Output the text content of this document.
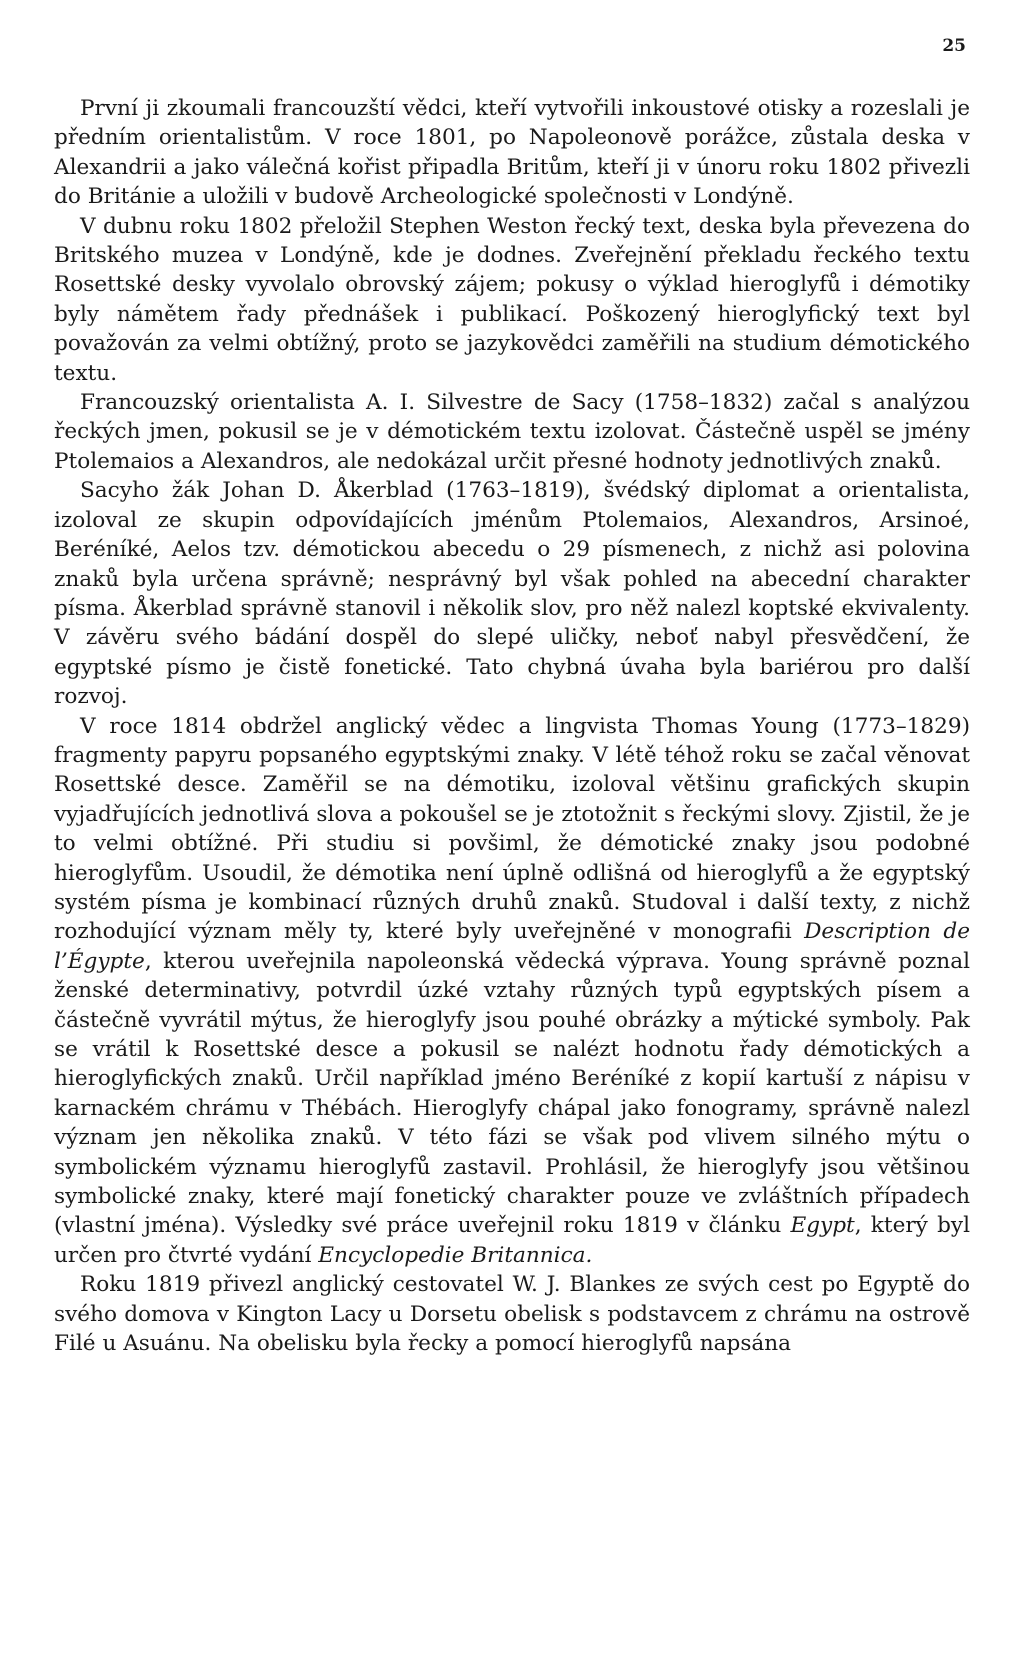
25

První ji zkoumali francouzští vědci, kteří vytvořili inkoustové otisky a rozeslali je předním orientalistům. V roce 1801, po Napoleonově porážce, zůstala deska v Alexandrii a jako válečná kořist připadla Britům, kteří ji v únoru roku 1802 přivezli do Británie a uložili v budově Archeologické společnosti v Londýně.

V dubnu roku 1802 přeložil Stephen Weston řecký text, deska byla převezena do Britského muzea v Londýně, kde je dodnes. Zveřejnění překladu řeckého textu Rosettské desky vyvolalo obrovský zájem; pokusy o výklad hieroglyfů i démotiky byly námětem řady přednášek i publikací. Poškozený hieroglyfický text byl považován za velmi obtížný, proto se jazykovědci zaměřili na studium démotického textu.

Francouzský orientalista A. I. Silvestre de Sacy (1758–1832) začal s analýzou řeckých jmen, pokusil se je v démotickém textu izolovat. Částečně uspěl se jmény Ptolemaios a Alexandros, ale nedokázal určit přesné hodnoty jednotlivých znaků.

Sacyho žák Johan D. Åkerblad (1763–1819), švédský diplomat a orientalista, izoloval ze skupin odpovídajících jménům Ptolemaios, Alexandros, Arsinoé, Beréníké, Aelos tzv. démotickou abecedu o 29 písmenech, z nichž asi polovina znaků byla určena správně; nesprávný byl však pohled na abecední charakter písma. Åkerblad správně stanovil i několik slov, pro něž nalezl koptské ekvivalenty. V závěru svého bádání dospěl do slepé uličky, neboť nabyl přesvědčení, že egyptské písmo je čistě fonetické. Tato chybná úvaha byla bariérou pro další rozvoj.

V roce 1814 obdržel anglický vědec a lingvista Thomas Young (1773–1829) fragmenty papyru popsaného egyptskými znaky. V létě téhož roku se začal věnovat Rosettské desce. Zaměřil se na démotiku, izoloval většinu grafických skupin vyjadřujících jednotlivá slova a pokoušel se je ztotožnit s řeckými slovy. Zjistil, že je to velmi obtížné. Při studiu si povšiml, že démotické znaky jsou podobné hieroglyfům. Usoudil, že démotika není úplně odlišná od hieroglyfů a že egyptský systém písma je kombinací různých druhů znaků. Studoval i další texty, z nichž rozhodující význam měly ty, které byly uveřejněné v monografii Description de l’Égypte, kterou uveřejnila napoleonská vědecká výprava. Young správně poznal ženské determinativy, potvrdil úzké vztahy různých typů egyptských písem a částečně vyvrátil mýtus, že hieroglyfy jsou pouhé obrázky a mýtické symboly. Pak se vrátil k Rosettské desce a pokusil se nalézt hodnotu řady démotických a hieroglyfických znaků. Určil například jméno Beréníké z kopií kartuší z nápisu v karnackém chrámu v Thébách. Hieroglyfy chápal jako fonogramy, správně nalezl význam jen několika znaků. V této fázi se však pod vlivem silného mýtu o symbolickém významu hieroglyfů zastavil. Prohlásil, že hieroglyfy jsou většinou symbolické znaky, které mají fonetický charakter pouze ve zvláštních případech (vlastní jména). Výsledky své práce uveřejnil roku 1819 v článku Egypt, který byl určen pro čtvrté vydání Encyclopedie Britannica.

Roku 1819 přivezl anglický cestovatel W. J. Blankes ze svých cest po Egyptě do svého domova v Kington Lacy u Dorsetu obelisk s podstavcem z chrámu na ostrově Filé u Asuánu. Na obelisku byla řecky a pomocí hieroglyfů napsána
